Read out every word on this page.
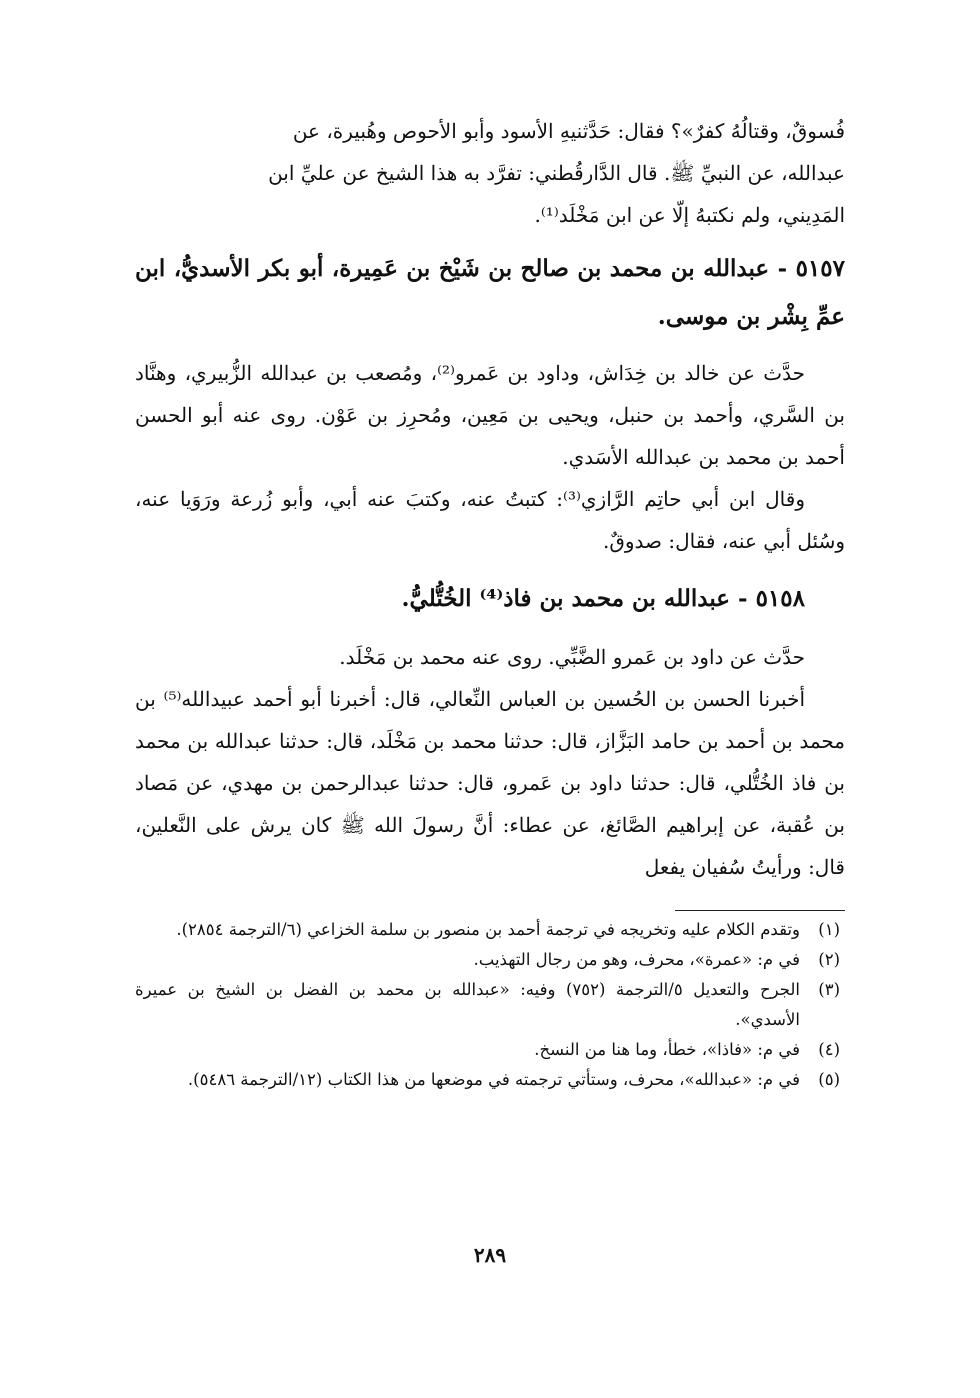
فُسوقٌ، وقتالُهُ كفرٌ»؟ فقال: حَدَّثنيهِ الأسود وأبو الأحوص وهُبيرة، عن

عبدالله، عن النبيِّ ﷺ. قال الدَّارقُطني: تفرَّد به هذا الشيخ عن عليِّ ابن

المَدِيني، ولم نكتبهُ إلّا عن ابن مَخْلَد⁽¹⁾.

٥١٥٧ - عبدالله بن محمد بن صالح بن شَيْخ بن عَمِيرة، أبو بكر الأسديُّ، ابن عمِّ بِشْر بن موسى.

حدَّث عن خالد بن خِدَاش، وداود بن عَمرو⁽²⁾، ومُصعب بن عبدالله الزُّبيري، وهنَّاد بن السَّري، وأحمد بن حنبل، ويحيى بن مَعِين، ومُحرِز بن عَوْن. روى عنه أبو الحسن أحمد بن محمد بن عبدالله الأسَدي.

وقال ابن أبي حاتِم الرَّازي⁽³⁾: كتبتُ عنه، وكتبَ عنه أبي، وأبو زُرعة ورَوَيا عنه، وسُئل أبي عنه، فقال: صدوقٌ.

٥١٥٨ - عبدالله بن محمد بن فاذ⁽⁴⁾ الخُتُّليُّ.

حدَّث عن داود بن عَمرو الضَّبِّي. روى عنه محمد بن مَخْلَد.

أخبرنا الحسن بن الحُسين بن العباس النِّعالي، قال: أخبرنا أبو أحمد عبيدالله⁽⁵⁾ بن محمد بن أحمد بن حامد البَزَّاز، قال: حدثنا محمد بن مَخْلَد، قال: حدثنا عبدالله بن محمد بن فاذ الخُتُّلي، قال: حدثنا داود بن عَمرو، قال: حدثنا عبدالرحمن بن مهدي، عن مَصاد بن عُقبة، عن إبراهيم الصَّائغ، عن عطاء: أنَّ رسولَ الله ﷺ كان يرش على النَّعلين، قال: ورأيتُ سُفيان يفعل

(١)
وتقدم الكلام عليه وتخريجه في ترجمة أحمد بن منصور بن سلمة الخزاعي (٦/الترجمة ٢٨٥٤).
(٢)
في م: «عمرة»، محرف، وهو من رجال التهذيب.
(٣)
الجرح والتعديل ٥/الترجمة (٧٥٢) وفيه: «عبدالله بن محمد بن الفضل بن الشيخ بن عميرة الأسدي».
(٤)
في م: «فاذا»، خطأ، وما هنا من النسخ.
(٥)
في م: «عبدالله»، محرف، وستأتي ترجمته في موضعها من هذا الكتاب (١٢/الترجمة ٥٤٨٦).
٢٨٩
